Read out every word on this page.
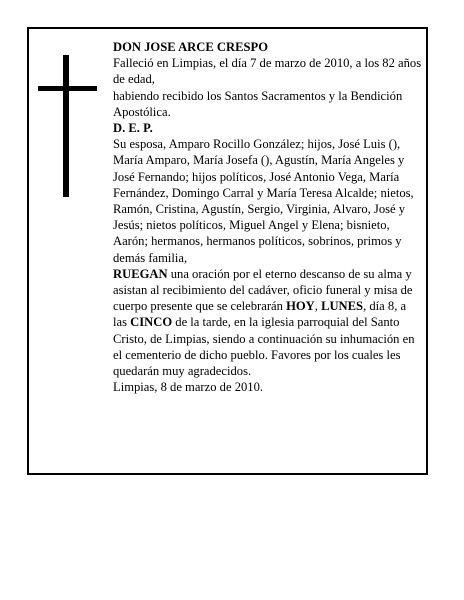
DON JOSE ARCE CRESPO

Falleció en Limpias, el día 7 de marzo de 2010, a los 82 años de edad,

habiendo recibido los Santos Sacramentos y la Bendición Apostólica.

D. E. P.

Su esposa, Amparo Rocillo González; hijos, José Luis (), María Amparo, María Josefa (), Agustín, María Angeles y José Fernando; hijos políticos, José Antonio Vega, María Fernández, Domingo Carral y María Teresa Alcalde; nietos, Ramón, Cristina, Agustín, Sergio, Virginia, Alvaro, José y Jesús; nietos políticos, Miguel Angel y Elena; bisnieto, Aarón; hermanos, hermanos políticos, sobrinos, primos y demás familia,

RUEGAN una oración por el eterno descanso de su alma y asistan al recibimiento del cadáver, oficio funeral y misa de cuerpo presente que se celebrarán HOY, LUNES, día 8, a las CINCO de la tarde, en la iglesia parroquial del Santo Cristo, de Limpias, siendo a continuación su inhumación en el cementerio de dicho pueblo. Favores por los cuales les quedarán muy agradecidos.

Limpias, 8 de marzo de 2010.
